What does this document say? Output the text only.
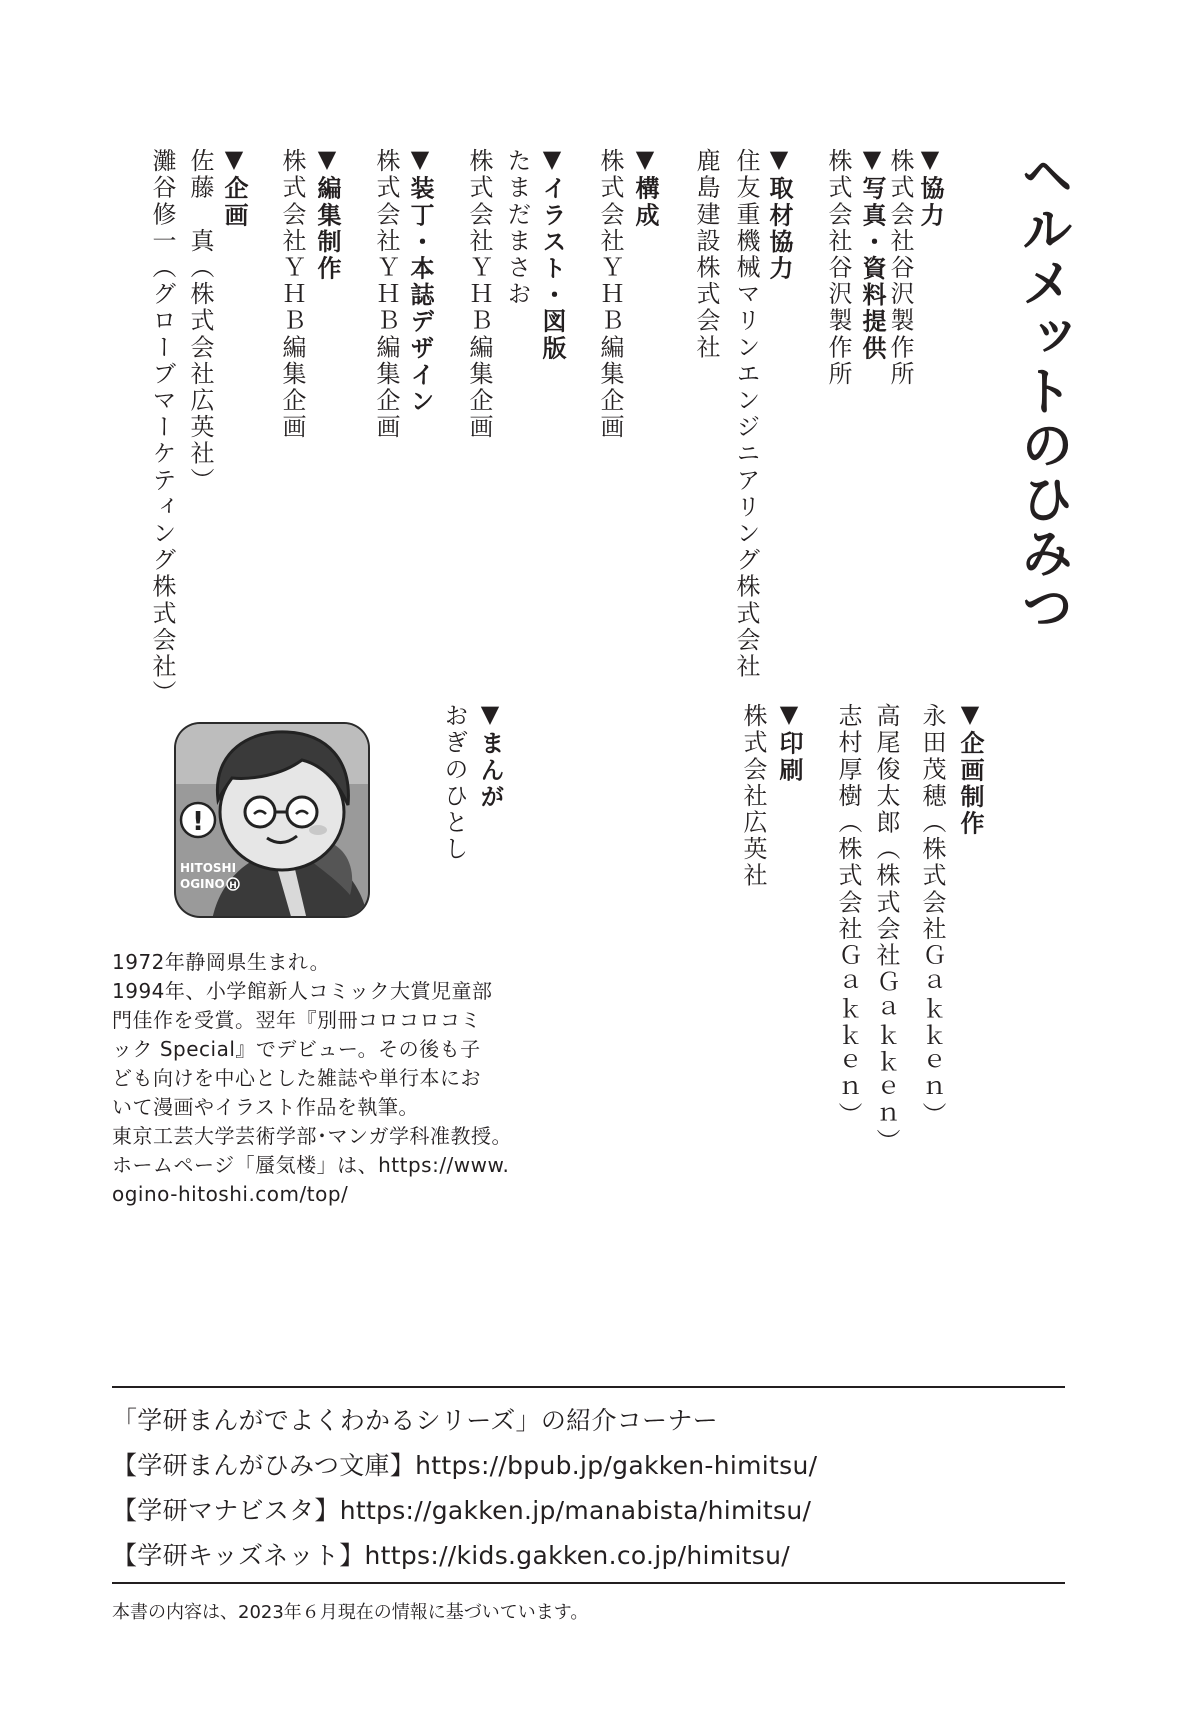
ヘルメットのひみつ
▼協力
株式会社谷沢製作所
▼写真・資料提供
株式会社谷沢製作所
▼取材協力
住友重機械マリンエンジニアリング株式会社
鹿島建設株式会社
▼構成
株式会社ＹＨＢ編集企画
▼イラスト・図版
たまだまさお
株式会社ＹＨＢ編集企画
▼装丁・本誌デザイン
株式会社ＹＨＢ編集企画
▼編集制作
株式会社ＹＨＢ編集企画
▼企画
佐藤　真（株式会社広英社）
灘谷修一（グローブマーケティング株式会社）
▼企画制作
永田茂穂（株式会社Ｇａｋｋｅｎ）
高尾俊太郎（株式会社Ｇａｋｋｅｎ）
志村厚樹（株式会社Ｇａｋｋｅｎ）
▼印刷
株式会社広英社
▼まんが
おぎのひとし
!
HITOSHI
OGINO H
1972年静岡県生まれ。
1994年、小学館新人コミック大賞児童部
門佳作を受賞。翌年『別冊コロコロコミ
ック Special』でデビュー。その後も子
ども向けを中心とした雑誌や単行本にお
いて漫画やイラスト作品を執筆。
東京工芸大学芸術学部･マンガ学科准教授。
ホームページ「蜃気楼」は、https://www.
ogino-hitoshi.com/top/
「学研まんがでよくわかるシリーズ」の紹介コーナー
【学研まんがひみつ文庫】https://bpub.jp/gakken-himitsu/
【学研マナビスタ】https://gakken.jp/manabista/himitsu/
【学研キッズネット】https://kids.gakken.co.jp/himitsu/
本書の内容は、2023年６月現在の情報に基づいています。
